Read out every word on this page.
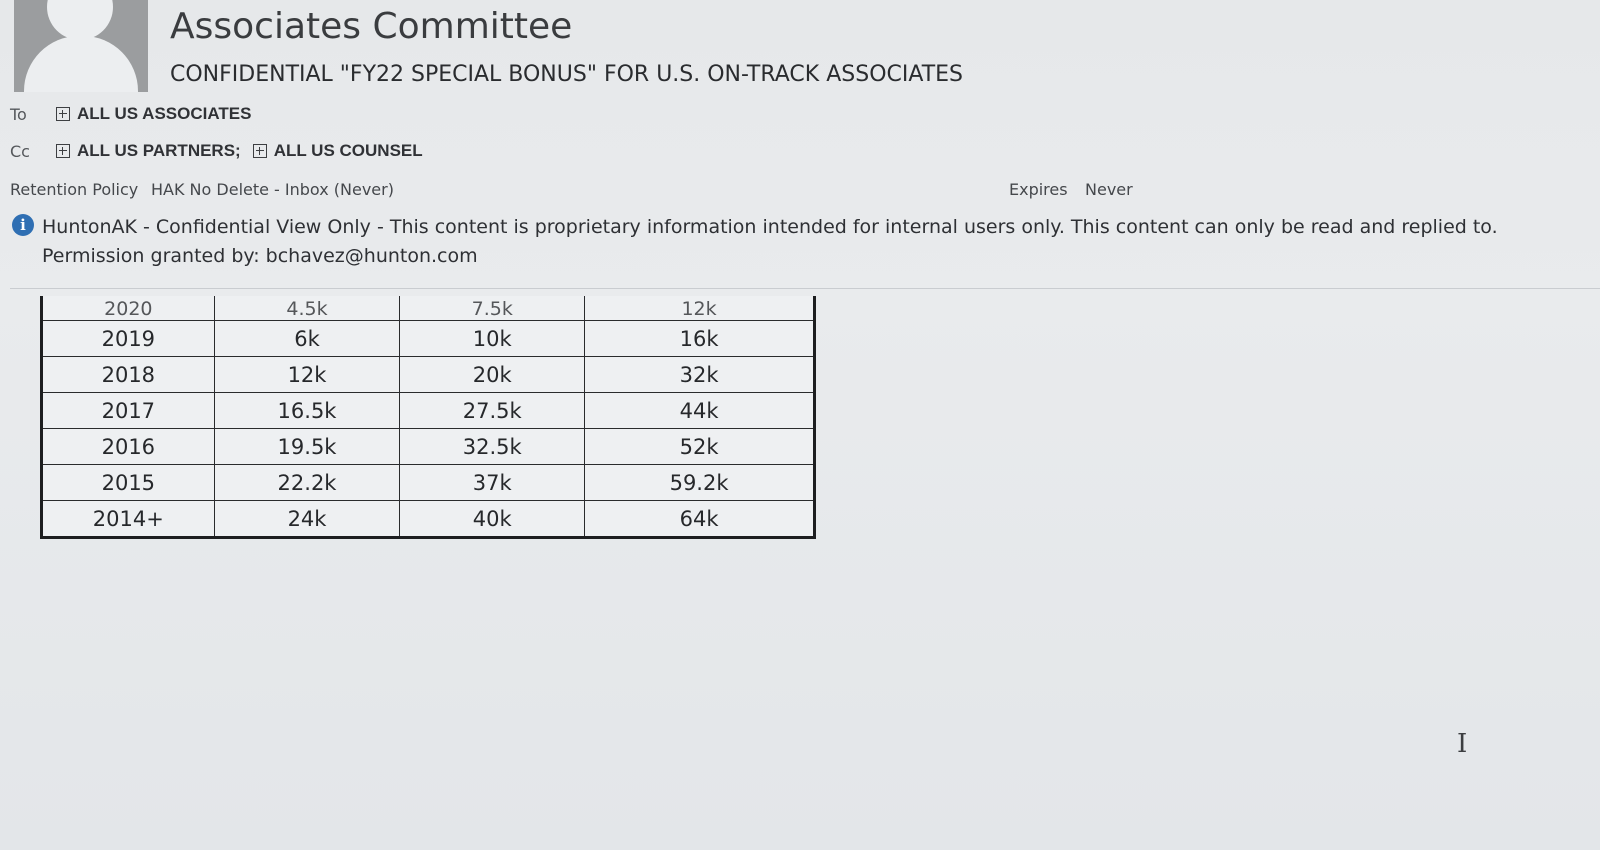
Associates Committee
CONFIDENTIAL "FY22 SPECIAL BONUS" FOR U.S. ON-TRACK ASSOCIATES
To	ALL US ASSOCIATES
Cc	ALL US PARTNERS; ALL US COUNSEL
Retention Policy HAK No Delete - Inbox (Never)	Expires Never
i HuntonAK - Confidential View Only - This content is proprietary information intended for internal users only. This content can only be read and replied to.
Permission granted by: bchavez@hunton.com
2020	4.5k	7.5k	12k
2019	6k	10k	16k
2018	12k	20k	32k
2017	16.5k	27.5k	44k
2016	19.5k	32.5k	52k
2015	22.2k	37k	59.2k
2014+	24k	40k	64k
I
